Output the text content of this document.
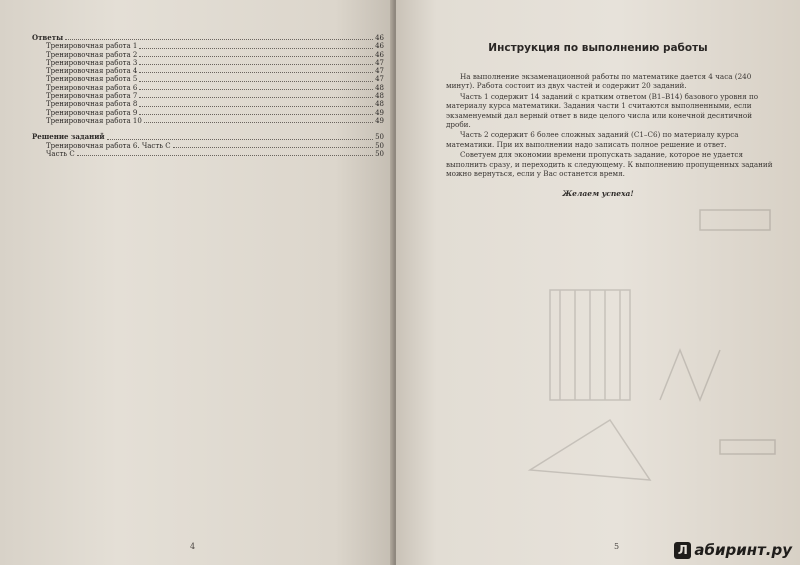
Ответы	46
Тренировочная работа 1	46
Тренировочная работа 2	46
Тренировочная работа 3	47
Тренировочная работа 4	47
Тренировочная работа 5	47
Тренировочная работа 6	48
Тренировочная работа 7	48
Тренировочная работа 8	48
Тренировочная работа 9	49
Тренировочная работа 10	49
Решение заданий	50
Тренировочная работа 6. Часть С	50
Часть С	50
4
Инструкция по выполнению работы

На выполнение экзаменационной работы по математике дается 4 часа (240 минут). Работа состоит из двух частей и содержит 20 заданий.

Часть 1 содержит 14 заданий с кратким ответом (B1–B14) базового уровня по материалу курса математики. Задания части 1 считаются выполненными, если экзаменуемый дал верный ответ в виде целого числа или конечной десятичной дроби.

Часть 2 содержит 6 более сложных заданий (C1–C6) по материалу курса математики. При их выполнении надо записать полное решение и ответ.

Советуем для экономии времени пропускать задание, которое не удается выполнить сразу, и переходить к следующему. К выполнению пропущенных заданий можно вернуться, если у Вас останется время.

Желаем успеха!
5	Л абиринт.ру
